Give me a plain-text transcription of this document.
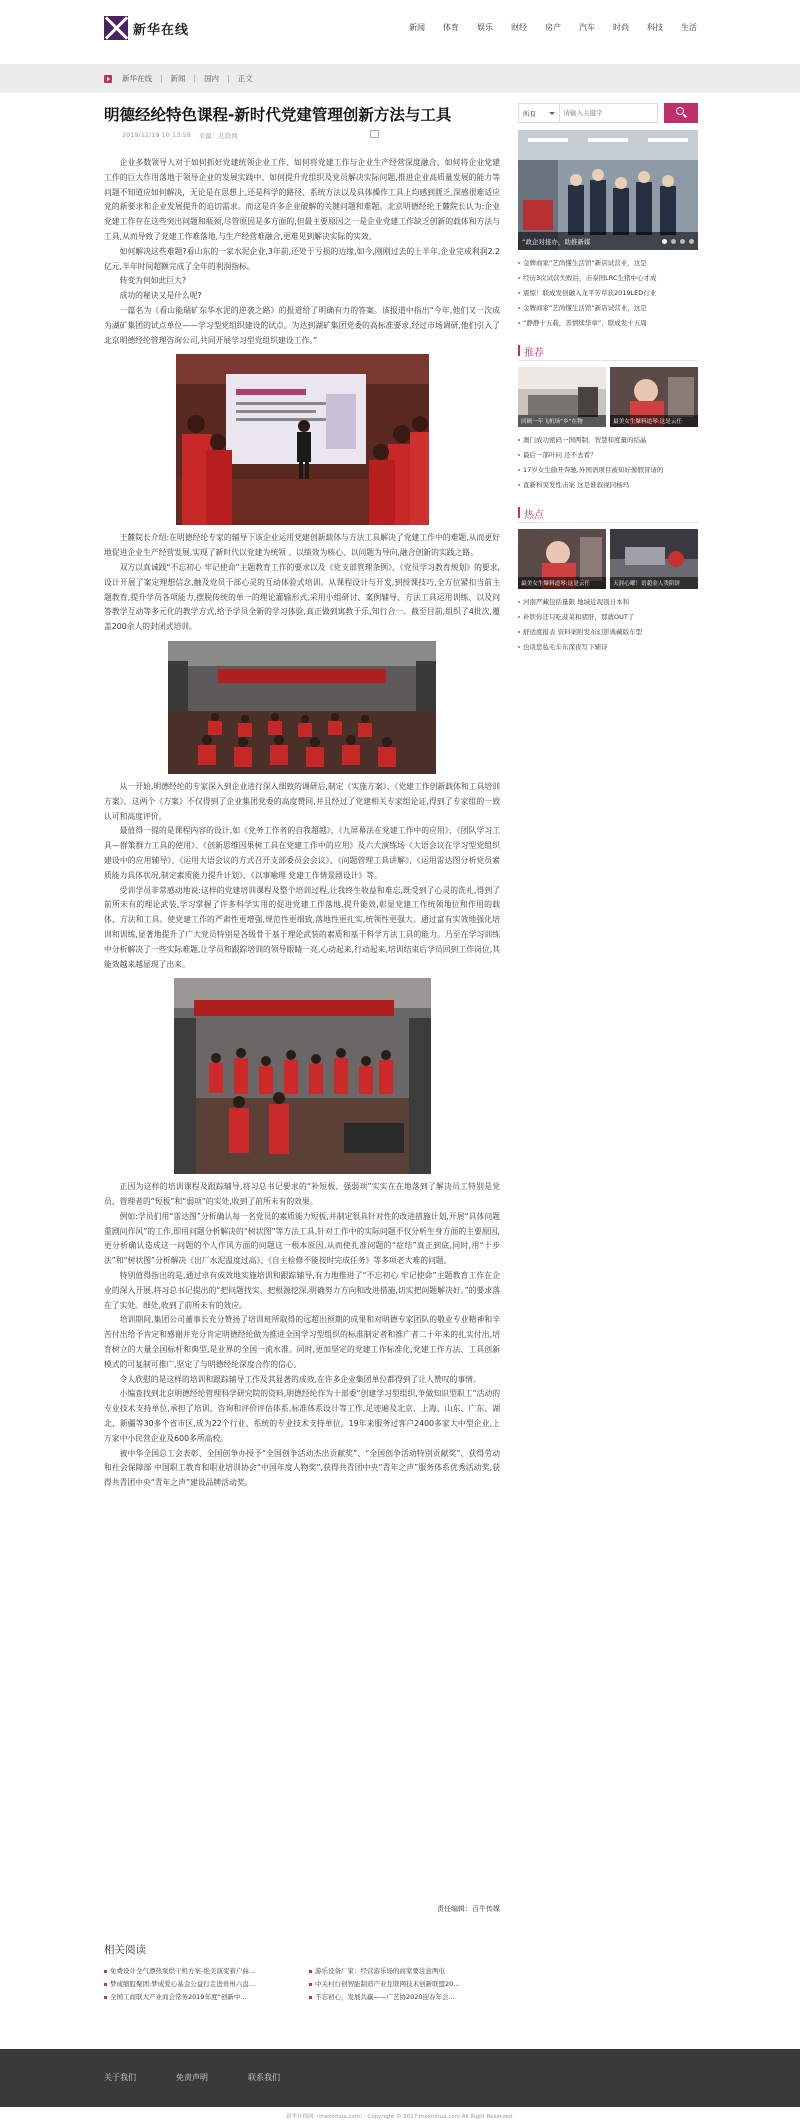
新华在线	新闻	体育	娱乐	财经	房产	汽车	时尚	科技	生活
新华在线 | 新闻 | 国内 | 正文
明德经纶特色课程-新时代党建管理创新方法与工具
2019/12/19 10:13:59 来源：互联网

企业多数领导人对于如何抓好党建统领企业工作、如何将党建工作与企业生产经营深度融合、如何将企业党建工作的巨大作用落地于领导企业的发展实践中、如何提升党组织及党员解决实际问题,推进企业高质量发展的能力等问题不知道应如何解决，无论是在思想上,还是科学的路径、系统方法以及具体操作工具上均感到匮乏,深感很难适应党的新要求和企业发展提升的迫切需求。而这是许多企业破解的关键问题和难题。北京明德经纶王麓院长认为:企业党建工作存在这些突出问题和瓶颈,尽管原因是多方面的,但最主要原因之一是企业党建工作缺乏创新的载体和方法与工具,从而导致了党建工作难落地,与生产经营难融合,更难见到解决实际的实效。

如何解决这些难题?看山东的一家水泥企业,3年前,还处于亏损的边缘,如今,刚刚过去的上半年,企业完成利润2.2亿元,半年时间超额完成了全年的利润指标。

转变为何如此巨大?

成功的秘诀又是什么呢?

一篇名为《看山能瑞矿东华水泥的逆袭之路》的报道给了明确有力的答案。该报道中指出“今年,他们又一次成为湖矿集团的试点单位——学习型党组织建设的试点。为达到湖矿集团党委的高标准要求,经过市场调研,他们引入了北京明德经纶管理咨询公司,共同开展学习型党组织建设工作。”

王麓院长介绍:在明德经纶专家的辅导下该企业运用党建创新载体与方法工具解决了党建工作中的难题,从而更好地促进企业生产经营发展,实现了新时代以党建为统领 、以绩效为核心、以问题为导向,融合创新的实践之路。

双方以真诚践“不忘初心 牢记使命”主题教育工作的要求以及《党支部管理条例》、《党员学习教育规划》的要求,设计开展了案定理想信念,触及党员干部心灵的互动体验式培训。从课程设计与开发,到授课技巧,全方位紧扣当前主题教育,提升学员各项能力,摆脱传统的单一的理论灌输形式,采用小组研讨、案例辅导、方法工具运用训练、以及问答教学互动等多元化的教学方式,给予学员全新的学习体验,真正做到寓教于乐,知行合一。截至目前,组织了4批次,覆盖200余人的封闭式培训。

从一开始,明德经纶的专家深入到企业进行深入细致的调研后,制定《实施方案》、《党建工作创新载体和工具培训方案》。这两个《方案》不仅得到了企业集团党委的高度赞同,并且经过了党建相关专家组论证,得到了专家组的一致认可和高度评价。

最值得一提的是课程内容的设计,如《党务工作者的自我超越》、《九屏幕法在党建工作中的应用》、《团队学习工具—群策群力工具的使用》、《创新思维因果树工具在党建工作中的应用》及六大演练场《大语会议在学习型党组织建设中的应用辅导》、《运用大语会议的方式召开支部委员会会议》、《问题管理工具讲解》、《运用雷达图分析党员素质能力具体状况,制定素质能力提升计划》、《以事喻理 党建工作情景剧设计》等。

受训学员非常感动地说:这样的党建培训课程及整个培训过程,让我终生收益和难忘,既受到了心灵的洗礼,得到了前所未有的理论武装,学习掌握了许多科学实用的促进党建工作落地,提升能效,彰显党建工作统领地位和作用的载体、方法和工具。使党建工作的严肃性更增强,规范性更细致,落地性更扎实,统领性更强大。通过富有实效地强化培训和训练,显著地提升了广大党员特别是各级骨干基于理论武装的素质和基于科学方法工具的能力。乃至在学习训练中分析解决了一些实际难题,让学员和跟踪培训的领导眼睛一亮,心动起来,行动起来,培训结束后学员回到工作岗位,其能效越来越显现了出来。

正因为这样的培训课程及跟踪辅导,将习总书记要求的“补短板、强弱项”实实在在地落到了解决员工特别是党员、管理者的“短板”和“弱项”的实处,收到了前所未有的效果。

例如:学员们用“雷达图”分析确认每一名党员的素质能力短板,并制定很具针对性的改进措施计划,开展“具体问题重剧问作风”的工作,即用问题分析解决的“树状图”等方法工具,针对工作中的实际问题不仅分析生身方面的主要原因,更分析确认造成这一问题的个人作风方面的问题这一根本原因,从而使扎准问题的“症结”真正到底,同时,用“十步法”和“树状图”分析解决《出厂水泥温度过高》、《自主检修不能按时完成任务》等多项老大难的问题。

特别值得指出的是,通过卓有成效地实施培训和跟踪辅导,有力地推进了“不忘初心 牢记使命”主题教育工作在企业的深入开展,将习总书记提出的“把问题找实、把根源挖深,明确努力方向和改进措施,切实把问题解决好。”的要求落在了实处。细处,收到了前所未有的效应。

培训期间,集团公司董事长充分赞扬了培训班所取得的远超出预期的成果和对明德专家团队的敬业专业精神和辛苦付出给予肯定和感谢并充分肯定明德经纶做为推进全国学习型组织的标准制定者和推广者二十年来的扎实付出,培育树立的大量全国标杆和典型,是业界的全国一流水准。同时,更加坚定的党建工作标准化,党建工作方法、工具创新模式的可复制可推广,坚定了与明德经纶深度合作的信心。

令人欣慰的是这样的培训和跟踪辅导工作及其显著的成效,在许多企业集团单位都得到了让人赞叹的事情。

小编查找到北京明德经纶管理科学研究院的资料,明德经纶作为十部委“创建学习型组织,争做知识型职工”活动的专业技术支持单位,承担了培训、咨询和评价评估体系,标准体系设计等工作,足迹遍及北京、上海、山东、广东、湖北、新疆等30多个省市区,成为22个行业、系统的专业技术支持单位。19年来服务过客户2400多家大中型企业,上万家中小民营企业及600多所高校。

被中华全国总工会表彰、全国创争办授予“全国创争活动杰出贡献奖”、“全国创争活动特别贡献奖”、获得劳动和社会保障部 中国职工教育和职业培训协会“中国年度人物奖”,获得共青团中央“青年之声”服务体系优秀活动奖,获得共青团中央“青年之声”建设品牌活动奖。

责任编辑：百牛传媒
相关阅读
免费设计全气漂热泵烘干机方案-绝美演变着户曲…	游乐设备厂家：经营游乐场的商家要注意两电
梦成缩股聚团:梦成爱心基金公益行走进贵州六盘…	中关村行创智能制造产业互联网技术创新联盟20…
全国工商联大产业商会常务2019年度“创新中…	不忘初心，发展共赢——广艺协2020迎春年会…
所有
请输入关键字
“政企对接办，助推新媒
金牌商家“艺尚懂生活馆”新店试营业，这是
经历3次试营失败后，击泰国LRC生猪中心才成
震惊！联成发创融入龙平芳草获2019LED行业
金牌商家“艺尚懂生活馆”新店试营业，这是
“静静十五载，善情续华章”，联成发十五周
推荐
回顾一年飞机场“乡”在物	最美女生爆料道琴:这是云任
澳门成功密码一国两制，智慧和度量的结晶
最后一部叶问 还不去看？
17岁女生偷开奔驰,外国语项目被知好像假冒请的
直新科突发性击案 这是谁叙视同杨玛
热点
最美女生爆料道琴:这是云任	天涯心曜！语超金人类阴饼
河南严藏包括量限 地域近现别日本和
补铁你还只吃菠菜和猪肝，那就OUT了
舒适度报表 资料案附发布幻影典藏版车型
也谈您毡毛车东深夜写下辅诗
关于我们	免责声明	联系我们
新华在线网（thexinhua.com） Copyright © 2017 thexinhua.com All Right Reserved.
